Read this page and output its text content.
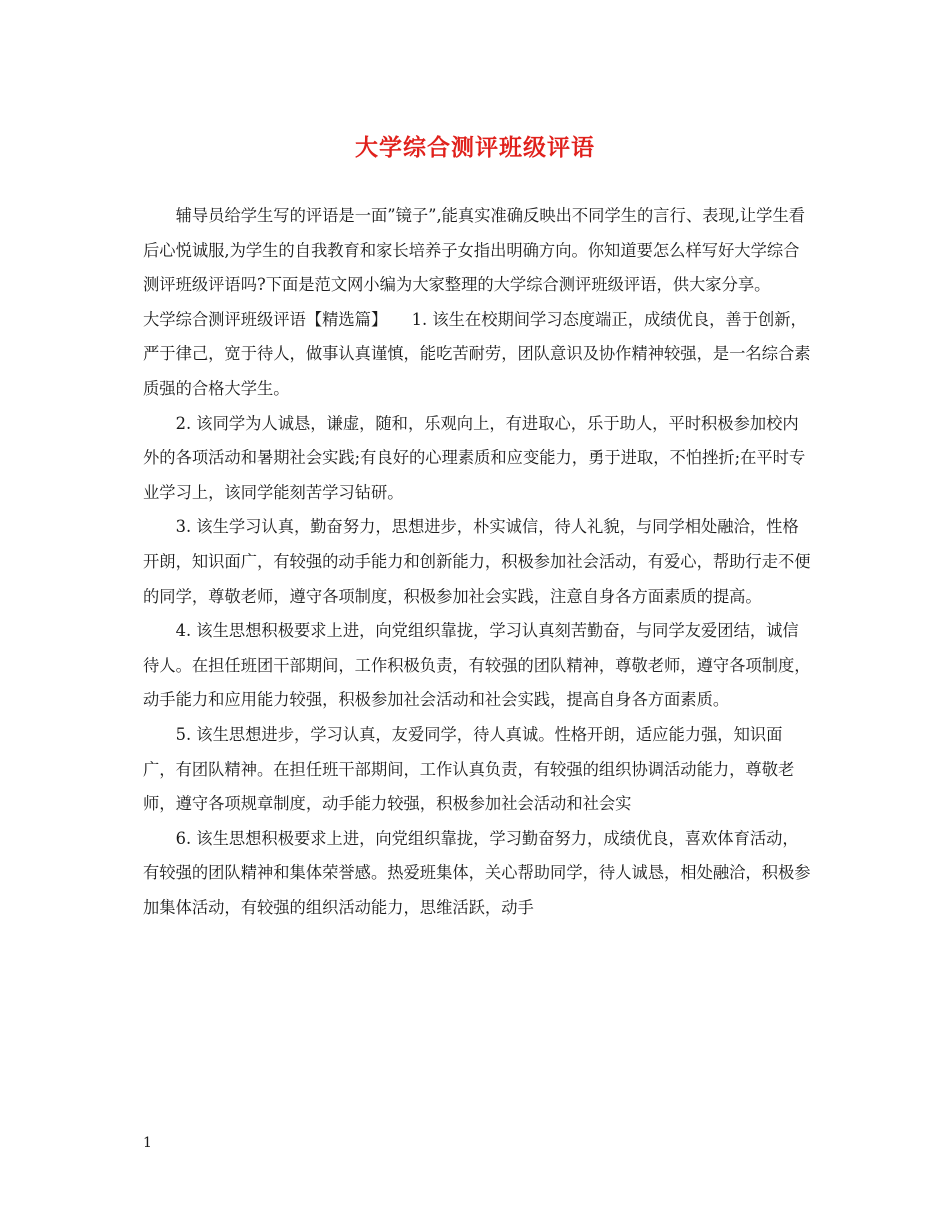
大学综合测评班级评语

辅导员给学生写的评语是一面”镜子”,能真实准确反映出不同学生的言行、表现,让学生看后心悦诚服,为学生的自我教育和家长培养子女指出明确方向。你知道要怎么样写好大学综合测评班级评语吗?下面是范文网小编为大家整理的大学综合测评班级评语，供大家分享。

大学综合测评班级评语【精选篇】　　1. 该生在校期间学习态度端正，成绩优良，善于创新，严于律己，宽于待人，做事认真谨慎，能吃苦耐劳，团队意识及协作精神较强，是一名综合素质强的合格大学生。

2. 该同学为人诚恳，谦虚，随和，乐观向上，有进取心，乐于助人，平时积极参加校内外的各项活动和暑期社会实践;有良好的心理素质和应变能力，勇于进取，不怕挫折;在平时专业学习上，该同学能刻苦学习钻研。

3. 该生学习认真，勤奋努力，思想进步，朴实诚信，待人礼貌，与同学相处融洽，性格开朗，知识面广，有较强的动手能力和创新能力，积极参加社会活动，有爱心，帮助行走不便的同学，尊敬老师，遵守各项制度，积极参加社会实践，注意自身各方面素质的提高。

4. 该生思想积极要求上进，向党组织靠拢，学习认真刻苦勤奋，与同学友爱团结，诚信待人。在担任班团干部期间，工作积极负责，有较强的团队精神，尊敬老师，遵守各项制度，动手能力和应用能力较强，积极参加社会活动和社会实践，提高自身各方面素质。

5. 该生思想进步，学习认真，友爱同学，待人真诚。性格开朗，适应能力强，知识面广，有团队精神。在担任班干部期间，工作认真负责，有较强的组织协调活动能力，尊敬老师，遵守各项规章制度，动手能力较强，积极参加社会活动和社会实

6. 该生思想积极要求上进，向党组织靠拢，学习勤奋努力，成绩优良，喜欢体育活动，有较强的团队精神和集体荣誉感。热爱班集体，关心帮助同学，待人诚恳，相处融洽，积极参加集体活动，有较强的组织活动能力，思维活跃，动手

1
